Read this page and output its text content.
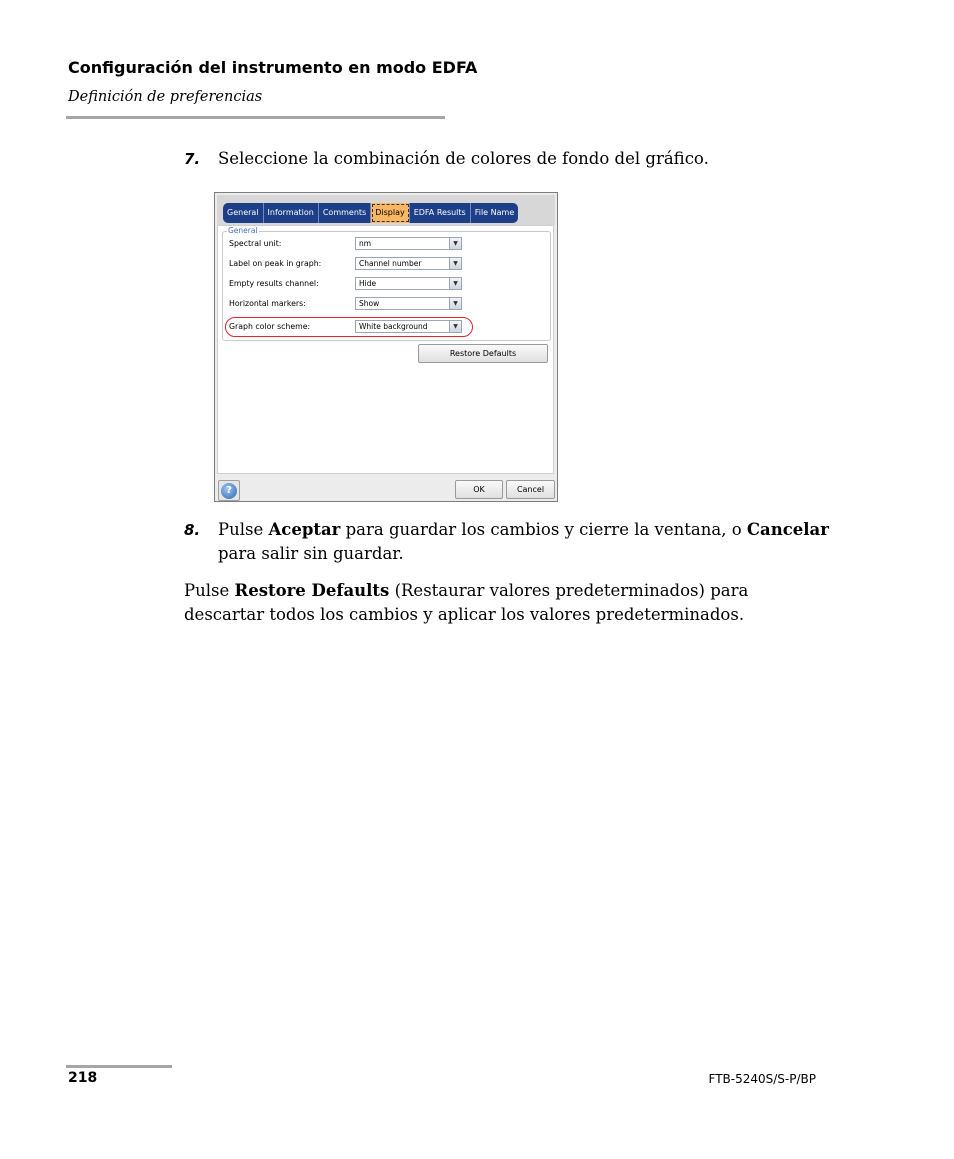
Configuración del instrumento en modo EDFA
Definición de preferencias
7. Seleccione la combinación de colores de fondo del gráfico.
General	Information	Comments	Display	EDFA Results	File Name
General
Spectral unit:	nm	▼
Label on peak in graph:	Channel number	▼
Empty results channel:	Hide	▼
Horizontal markers:	Show	▼
Graph color scheme:	White background	▼
Restore Defaults
?	OK	Cancel
8. Pulse Aceptar para guardar los cambios y cierre la ventana, o Cancelar
para salir sin guardar.
Pulse Restore Defaults (Restaurar valores predeterminados) para
descartar todos los cambios y aplicar los valores predeterminados.
218	FTB-5240S/S-P/BP
